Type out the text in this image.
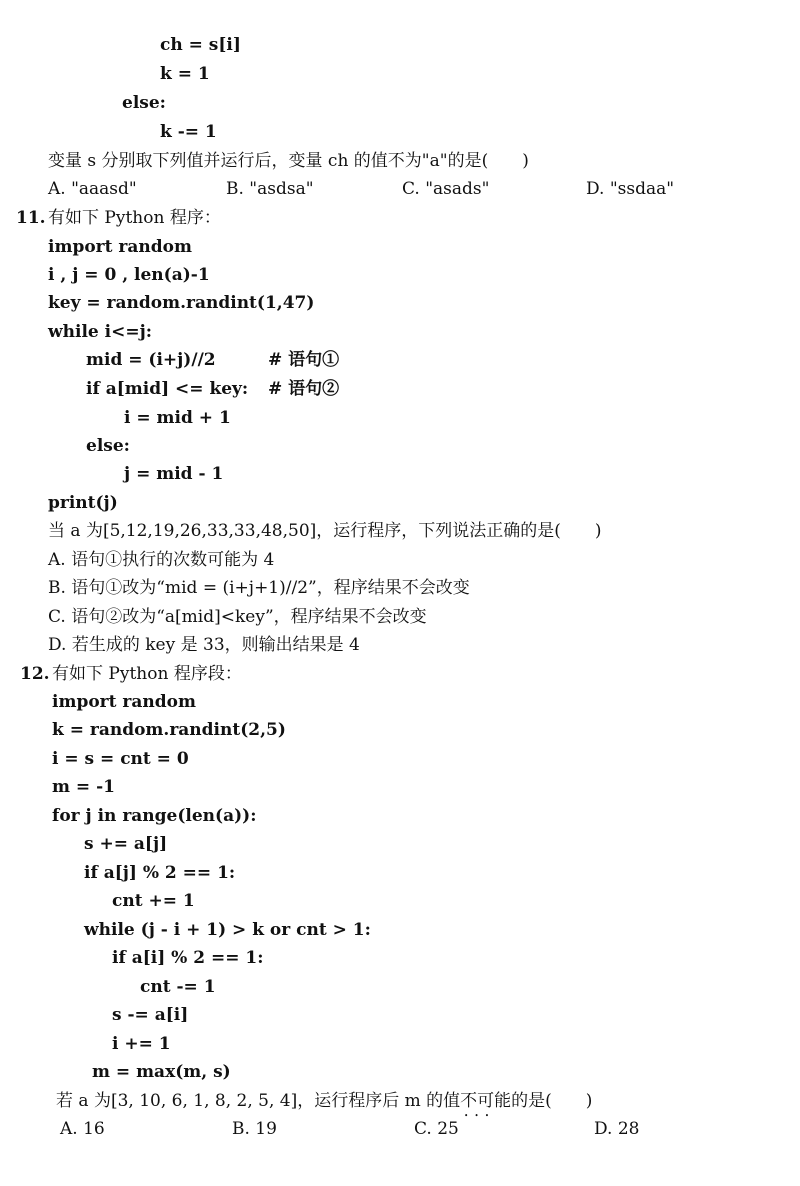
ch = s[i]
k = 1
else:
k -= 1
变量 s 分别取下列值并运行后，变量 ch 的值不为"a"的是(　　)
A. "aaasd"	B. "asdsa"	C. "asads"	D. "ssdaa"
11. 有如下 Python 程序：
import random
i , j = 0 , len(a)-1
key = random.randint(1,47)
while i<=j:
mid = (i+j)//2	# 语句①
if a[mid] <= key: # 语句②
i = mid + 1
else:
j = mid - 1
print(j)
当 a 为[5,12,19,26,33,33,48,50]，运行程序，下列说法正确的是(　　)
A. 语句①执行的次数可能为 4
B. 语句①改为“mid = (i+j+1)//2”，程序结果不会改变
C. 语句②改为“a[mid]<key”，程序结果不会改变
D. 若生成的 key 是 33，则输出结果是 4
12. 有如下 Python 程序段：
import random
k = random.randint(2,5)
i = s = cnt = 0
m = -1
for j in range(len(a)):
s += a[j]
if a[j] % 2 == 1:
cnt += 1
while (j - i + 1) > k or cnt > 1:
if a[i] % 2 == 1:
cnt -= 1
s -= a[i]
i += 1
m = max(m, s)
若 a 为[3, 10, 6, 1, 8, 2, 5, 4]，运行程序后 m 的值不可能 • • •的是(　　)
A. 16	B. 19	C. 25	D. 28
